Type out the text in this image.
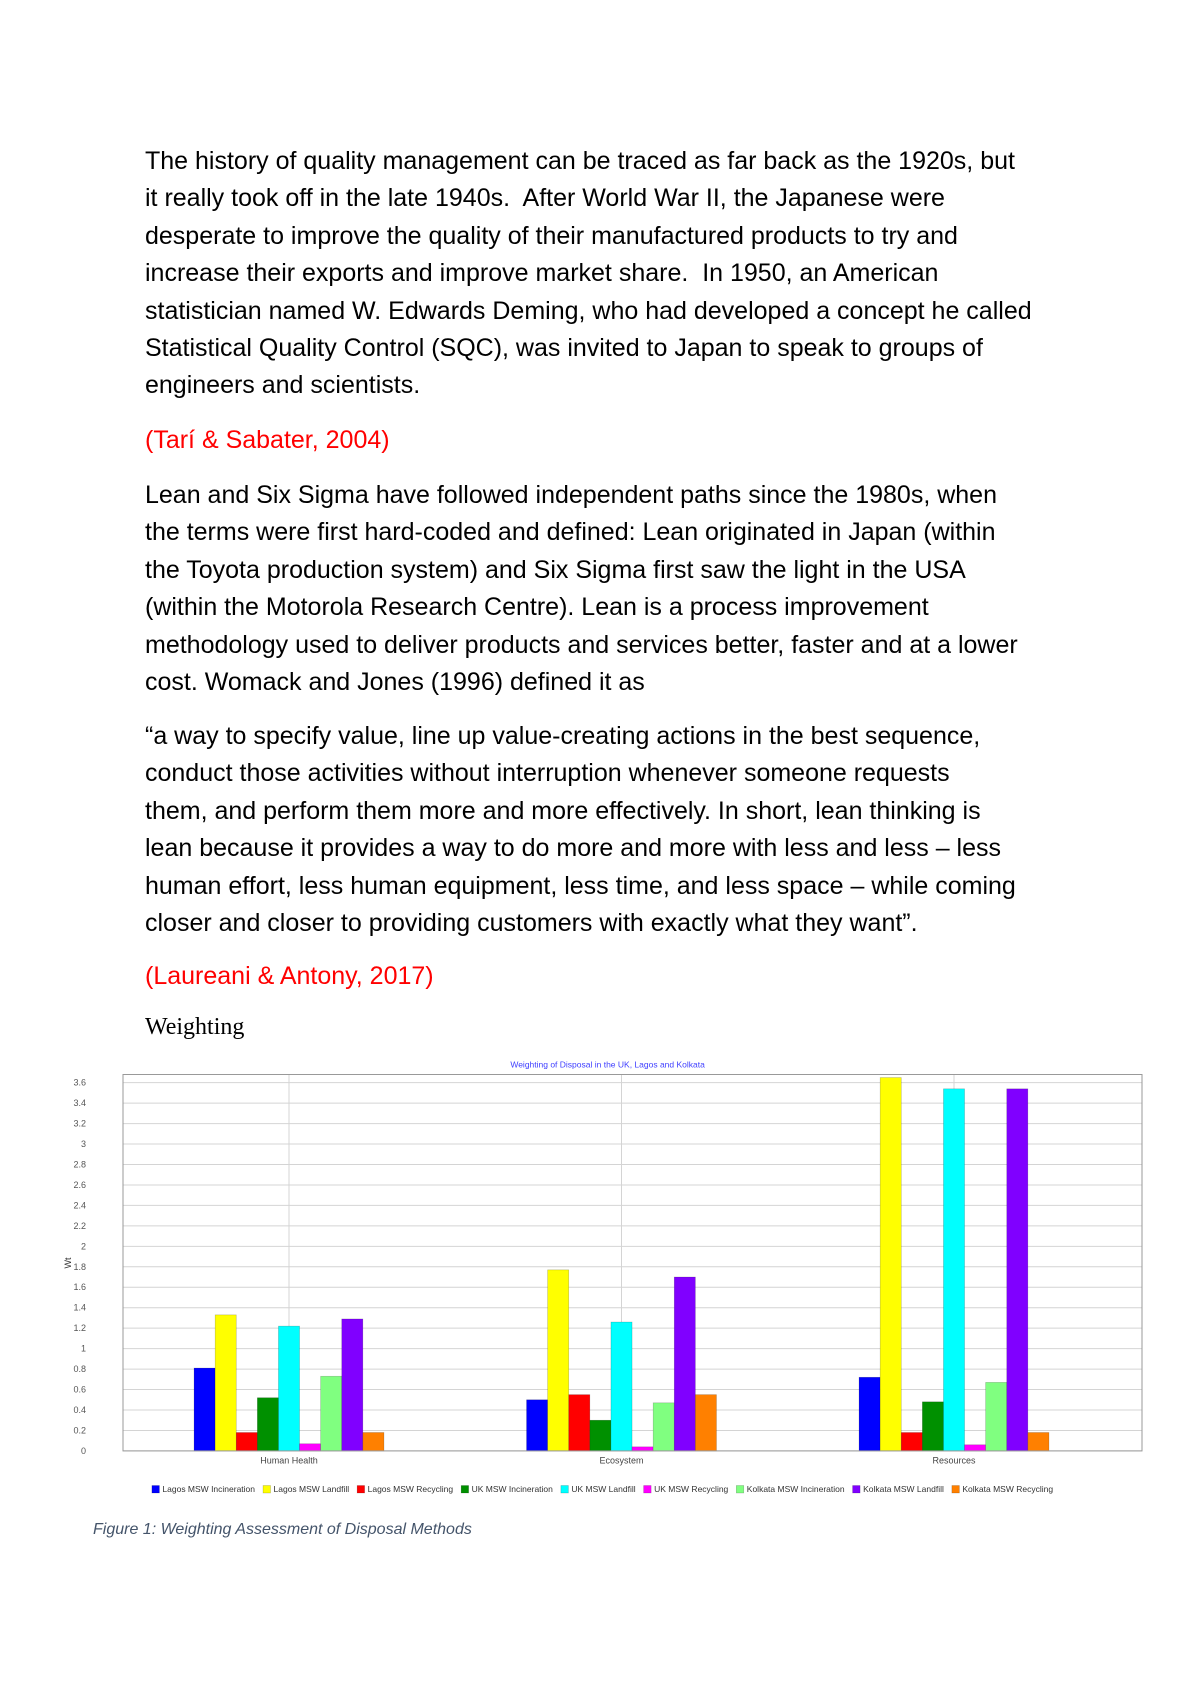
The history of quality management can be traced as far back as the 1920s, but
it really took off in the late 1940s.  After World War II, the Japanese were
desperate to improve the quality of their manufactured products to try and
increase their exports and improve market share.  In 1950, an American
statistician named W. Edwards Deming, who had developed a concept he called
Statistical Quality Control (SQC), was invited to Japan to speak to groups of
engineers and scientists.
(Tarí & Sabater, 2004)
Lean and Six Sigma have followed independent paths since the 1980s, when
the terms were first hard-coded and defined: Lean originated in Japan (within
the Toyota production system) and Six Sigma first saw the light in the USA
(within the Motorola Research Centre). Lean is a process improvement
methodology used to deliver products and services better, faster and at a lower
cost. Womack and Jones (1996) defined it as
“a way to specify value, line up value-creating actions in the best sequence,
conduct those activities without interruption whenever someone requests
them, and perform them more and more effectively. In short, lean thinking is
lean because it provides a way to do more and more with less and less – less
human effort, less human equipment, less time, and less space – while coming
closer and closer to providing customers with exactly what they want”.
(Laureani & Antony, 2017)
Weighting
Weighting of Disposal in the UK, Lagos and Kolkata
Wt
0
0.2
0.4
0.6
0.8
1
1.2
1.4
1.6
1.8
2
2.2
2.4
2.6
2.8
3
3.2
3.4
3.6
Human Health	Ecosystem	Resources
Lagos MSW Incineration Lagos MSW Landfill Lagos MSW Recycling UK MSW Incineration UK MSW Landfill UK MSW Recycling Kolkata MSW Incineration Kolkata MSW Landfill Kolkata MSW Recycling
Figure 1: Weighting Assessment of Disposal Methods
